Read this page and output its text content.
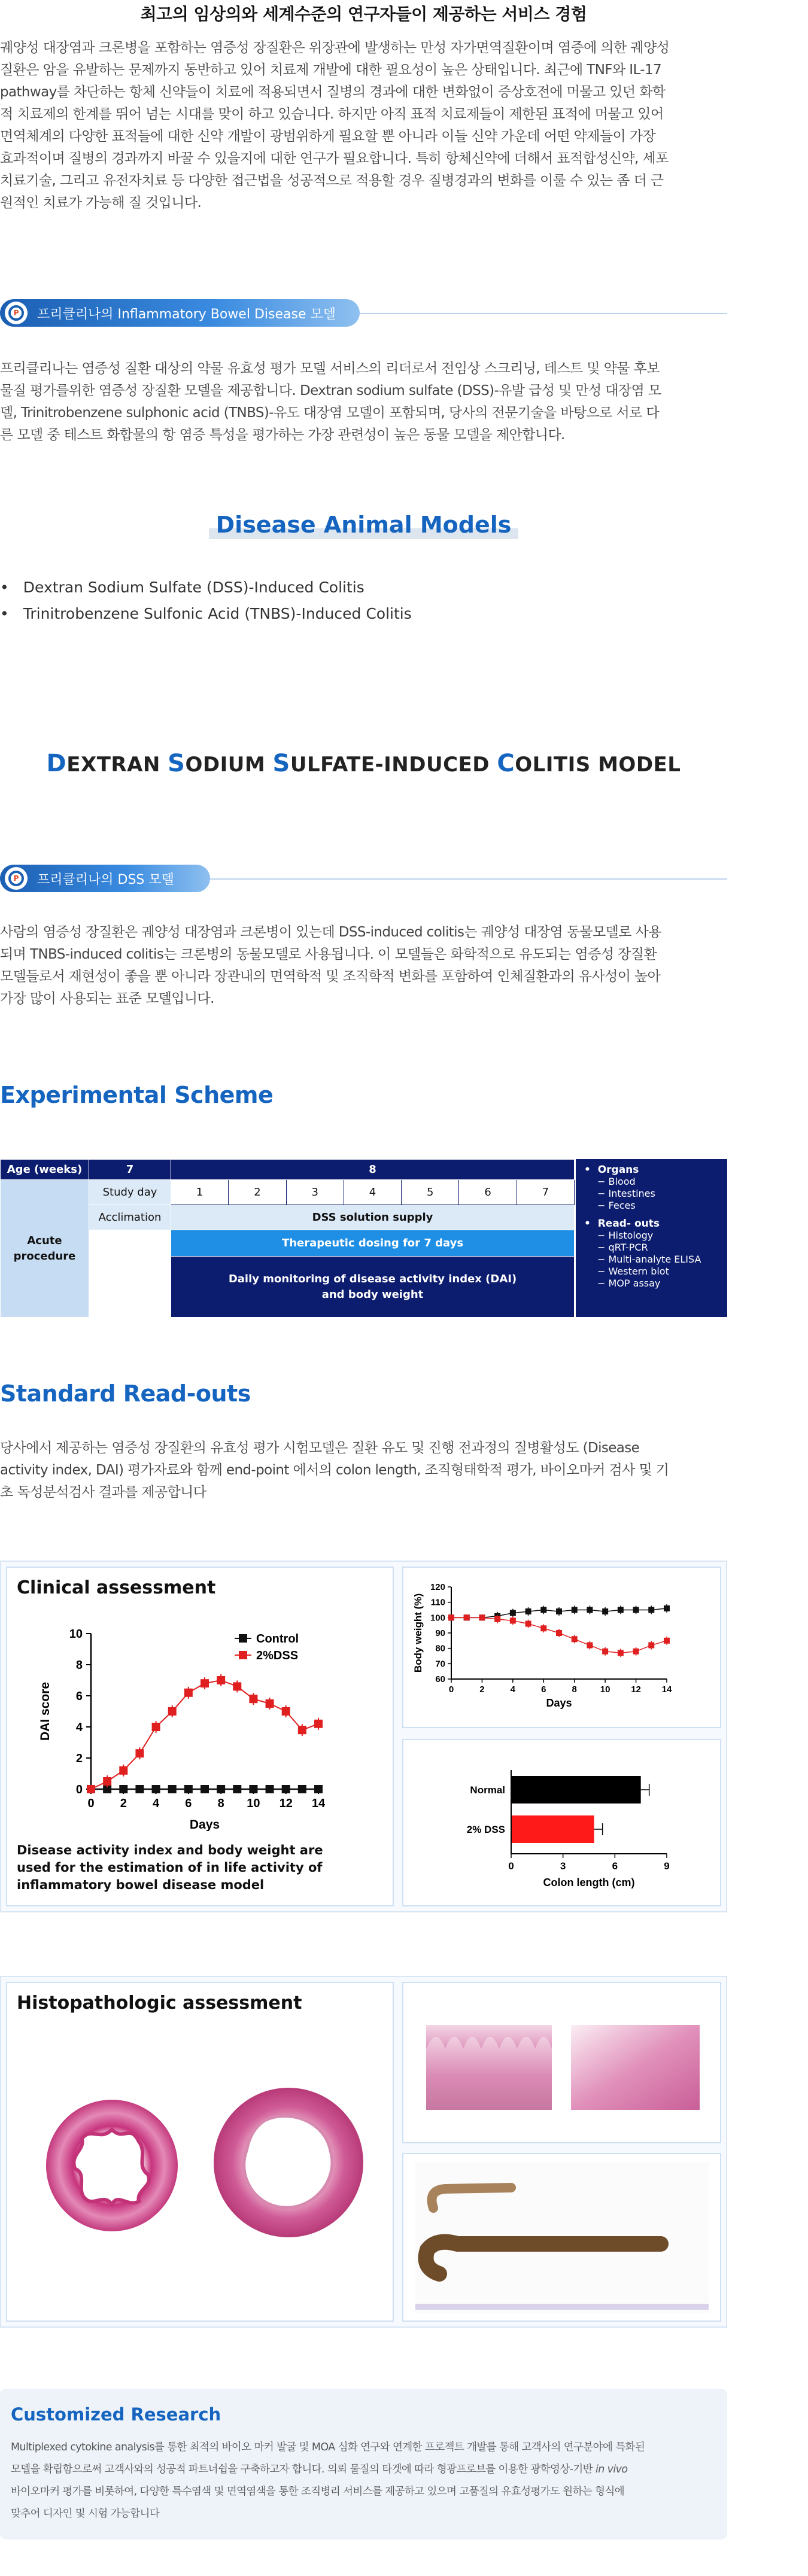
최고의 임상의와 세계수준의 연구자들이 제공하는 서비스 경험
궤양성 대장염과 크론병을 포함하는 염증성 장질환은 위장관에 발생하는 만성 자가면역질환이며 염증에 의한 궤양성
질환은 암을 유발하는 문제까지 동반하고 있어 치료제 개발에 대한 필요성이 높은 상태입니다. 최근에 TNF와 IL-17
pathway를 차단하는 항체 신약들이 치료에 적용되면서 질병의 경과에 대한 변화없이 증상호전에 머물고 있던 화학
적 치료제의 한계를 뛰어 넘는 시대를 맞이 하고 있습니다. 하지만 아직 표적 치료제들이 제한된 표적에 머물고 있어
면역체계의 다양한 표적들에 대한 신약 개발이 광범위하게 필요할 뿐 아니라 이들 신약 가운데 어떤 약제들이 가장
효과적이며 질병의 경과까지 바꿀 수 있을지에 대한 연구가 필요합니다. 특히 항체신약에 더해서 표적합성신약, 세포
치료기술, 그리고 유전자치료 등 다양한 접근법을 성공적으로 적용할 경우 질병경과의 변화를 이룰 수 있는 좀 더 근
원적인 치료가 가능해 질 것입니다.
P	프리클리나의 Inflammatory Bowel Disease 모델
프리클리나는 염증성 질환 대상의 약물 유효성 평가 모델 서비스의 리더로서 전임상 스크리닝, 테스트 및 약물 후보
물질 평가를위한 염증성 장질환 모델을 제공합니다. Dextran sodium sulfate (DSS)-유발 급성 및 만성 대장염 모
델, Trinitrobenzene sulphonic acid (TNBS)-유도 대장염 모델이 포함되며, 당사의 전문기술을 바탕으로 서로 다
른 모델 중 테스트 화합물의 항 염증 특성을 평가하는 가장 관련성이 높은 동물 모델을 제안합니다.
Disease Animal Models
• Dextran Sodium Sulfate (DSS)-Induced Colitis
• Trinitrobenzene Sulfonic Acid (TNBS)-Induced Colitis
DEXTRAN SODIUM SULFATE-INDUCED COLITIS MODEL
P	프리클리나의 DSS 모델
사람의 염증성 장질환은 궤양성 대장염과 크론병이 있는데 DSS-induced colitis는 궤양성 대장염 동물모델로 사용
되며 TNBS-induced colitis는 크론병의 동물모델로 사용됩니다. 이 모델들은 화학적으로 유도되는 염증성 장질환
모델들로서 재현성이 좋을 뿐 아니라 장관내의 면역학적 및 조직학적 변화를 포함하여 인체질환과의 유사성이 높아
가장 많이 사용되는 표준 모델입니다.
Experimental Scheme
Age (weeks)	7	8						
Acute
procedure	Study day	1	2	3	4	5	6	7
	Acclimation	DSS solution supply						
		Therapeutic dosing for 7 days						
		Daily monitoring of disease activity index (DAI)
and body weight						
•  Organs
− Blood
− Intestines
− Feces
•  Read- outs
− Histology
− qRT-PCR
− Multi-analyte ELISA
− Western blot
− MOP assay
Standard Read-outs
당사에서 제공하는 염증성 장질환의 유효성 평가 시험모델은 질환 유도 및 진행 전과정의 질병활성도 (Disease
activity index, DAI) 평가자료와 함께 end-point 에서의 colon length, 조직형태학적 평가, 바이오마커 검사 및 기
초 독성분석검사 결과를 제공합니다
Clinical assessment
0
2
4
6
8
10
0 2 4 6 8 10 12 14
Days
DAI score
Control
2%DSS
Disease activity index and body weight are
used for the estimation of in life activity of
inflammatory bowel disease model
60
70
80
90
100
110
120
0	2	4	6	8	10 12 14
Days
Body weight (%)
Normal
2% DSS
0	3	6	9
Colon length (cm)
Histopathologic assessment
Customized Research
Multiplexed cytokine analysis를 통한 최적의 바이오 마커 발굴 및 MOA 심화 연구와 연계한 프로젝트 개발를 통해 고객사의 연구분야에 특화된
모델을 확립함으로써 고객사와의 성공적 파트너쉽을 구축하고자 합니다. 의뢰 물질의 타겟에 따라 형광프로브를 이용한 광학영상-기반 in vivo
바이오마커 평가를 비롯하여, 다양한 특수염색 및 면역염색을 통한 조직병리 서비스를 제공하고 있으며 고품질의 유효성평가도 원하는 형식에
맞추어 디자인 및 시험 가능합니다
